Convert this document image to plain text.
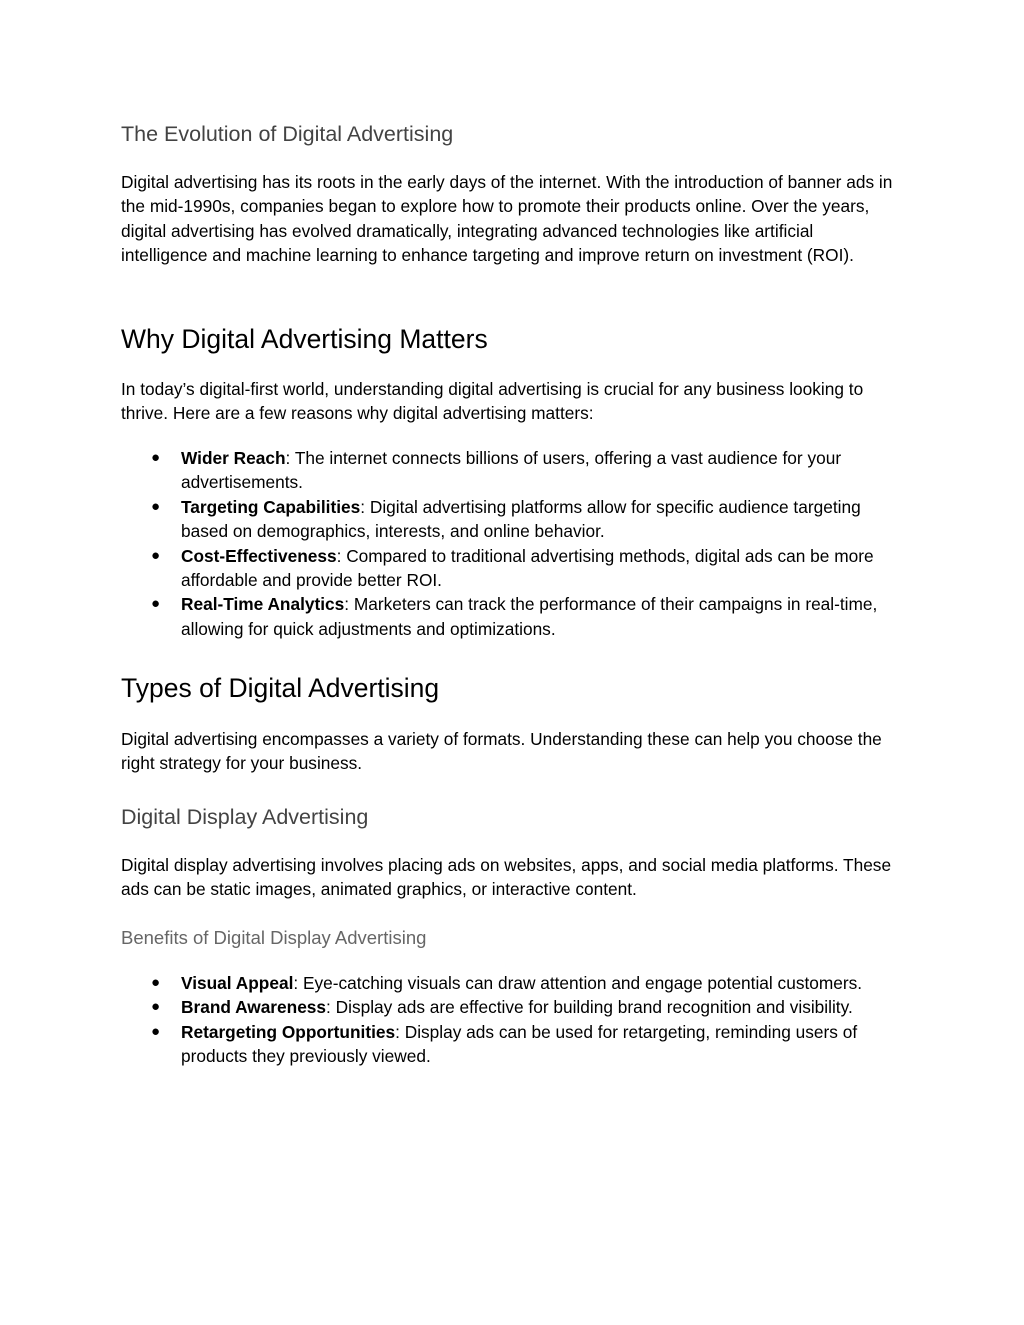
The Evolution of Digital Advertising

Digital advertising has its roots in the early days of the internet. With the introduction of banner ads in the mid-1990s, companies began to explore how to promote their products online. Over the years, digital advertising has evolved dramatically, integrating advanced technologies like artificial intelligence and machine learning to enhance targeting and improve return on investment (ROI).

Why Digital Advertising Matters

In today’s digital-first world, understanding digital advertising is crucial for any business looking to thrive. Here are a few reasons why digital advertising matters:

● Wider Reach: The internet connects billions of users, offering a vast audience for your advertisements.
● Targeting Capabilities: Digital advertising platforms allow for specific audience targeting based on demographics, interests, and online behavior.
● Cost-Effectiveness: Compared to traditional advertising methods, digital ads can be more affordable and provide better ROI.
● Real-Time Analytics: Marketers can track the performance of their campaigns in real-time, allowing for quick adjustments and optimizations.
Types of Digital Advertising

Digital advertising encompasses a variety of formats. Understanding these can help you choose the right strategy for your business.

Digital Display Advertising

Digital display advertising involves placing ads on websites, apps, and social media platforms. These ads can be static images, animated graphics, or interactive content.

Benefits of Digital Display Advertising
● Visual Appeal: Eye-catching visuals can draw attention and engage potential customers.
● Brand Awareness: Display ads are effective for building brand recognition and visibility.
● Retargeting Opportunities: Display ads can be used for retargeting, reminding users of products they previously viewed.
